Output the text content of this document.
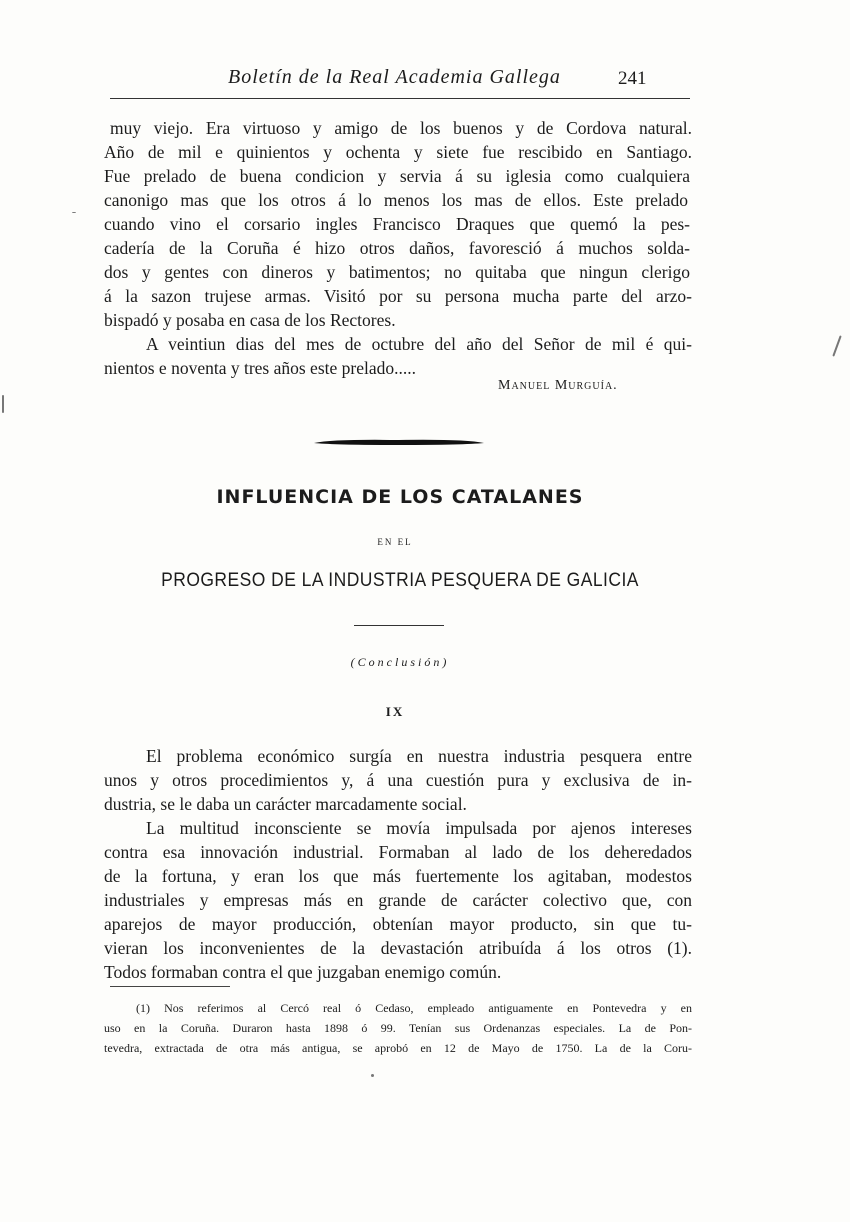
Boletín de la Real Academia Gallega	241
muy viejo. Era virtuoso y amigo de los buenos y de Cordova natural.
Año de mil e quinientos y ochenta y siete fue rescibido en Santiago.
Fue prelado de buena condicion y servia á su iglesia como cualquiera
canonigo mas que los otros á lo menos los mas de ellos. Este prelado
cuando vino el corsario ingles Francisco Draques que quemó la pes-
cadería de la Coruña é hizo otros daños, favoresció á muchos solda-
dos y gentes con dineros y batimentos; no quitaba que ningun clerigo
á la sazon trujese armas. Visitó por su persona mucha parte del arzo-
bispadó y posaba en casa de los Rectores.
A veintiun dias del mes de octubre del año del Señor de mil é qui-
nientos e noventa y tres años este prelado.....
Manuel Murguía.
INFLUENCIA DE LOS CATALANES
EN EL
PROGRESO DE LA INDUSTRIA PESQUERA DE GALICIA
(Conclusión)
IX
El problema económico surgía en nuestra industria pesquera entre
unos y otros procedimientos y, á una cuestión pura y exclusiva de in-
dustria, se le daba un carácter marcadamente social.
La multitud inconsciente se movía impulsada por ajenos intereses
contra esa innovación industrial. Formaban al lado de los deheredados
de la fortuna, y eran los que más fuertemente los agitaban, modestos
industriales y empresas más en grande de carácter colectivo que, con
aparejos de mayor producción, obtenían mayor producto, sin que tu-
vieran los inconvenientes de la devastación atribuída á los otros (1).
Todos formaban contra el que juzgaban enemigo común.
(1) Nos referimos al Cercó real ó Cedaso, empleado antiguamente en Pontevedra y en
uso en la Coruña. Duraron hasta 1898 ó 99. Tenían sus Ordenanzas especiales. La de Pon-
tevedra, extractada de otra más antigua, se aprobó en 12 de Mayo de 1750. La de la Coru-
